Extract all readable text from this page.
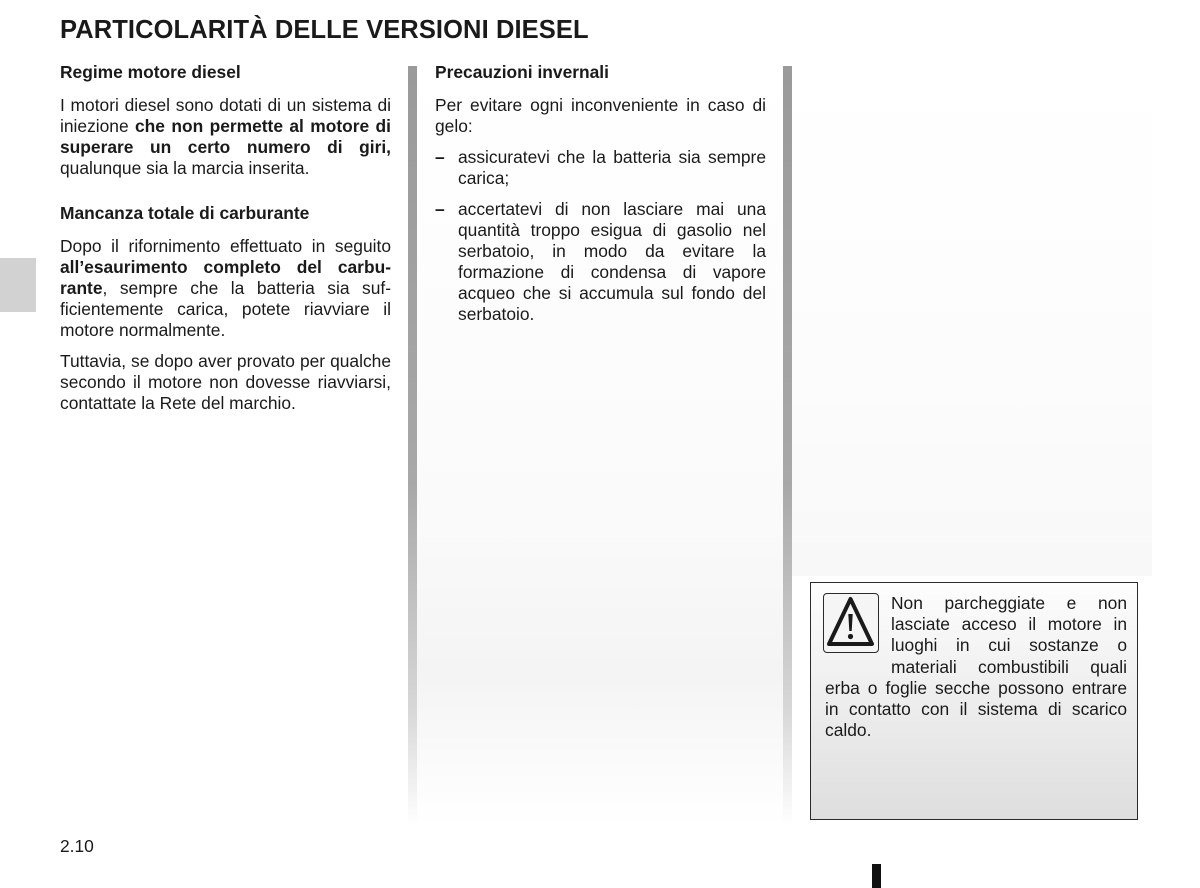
PARTICOLARITÀ DELLE VERSIONI DIESEL
Regime motore diesel

I motori diesel sono dotati di un sistema di iniezione che non permette al motore di superare un certo numero di giri, qualunque sia la marcia inserita.

Mancanza totale di carburante

Dopo il rifornimento effettuato in seguito all’esaurimento completo del carburante, sempre che la batteria sia sufficientemente carica, potete riavviare il motore normalmente.

Tuttavia, se dopo aver provato per qualche secondo il motore non dovesse riavviarsi, contattate la Rete del marchio.

Precauzioni invernali

Per evitare ogni inconveniente in caso di gelo:

– assicuratevi che la batteria sia sempre carica;
– accertatevi di non lasciare mai una quantità troppo esigua di gasolio nel serbatoio, in modo da evitare la formazione di condensa di vapore acqueo che si accumula sul fondo del serbatoio.
Non parcheggiate e non lasciate acceso il motore in luoghi in cui sostanze o materiali combustibili quali erba o foglie secche possono entrare in contatto con il sistema di scarico caldo.
2.10
